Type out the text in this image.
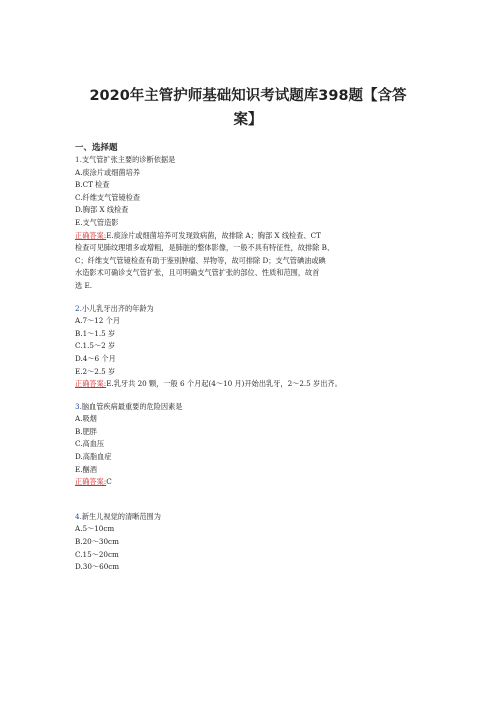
2020年主管护师基础知识考试题库398题【含答
案】
一、选择题
1.支气管扩张主要的诊断依据是
A.痰涂片或细菌培养
B.CT 检查
C.纤维支气管镜检查
D.胸部 X 线检查
E.支气管造影
正确答案:E.痰涂片或细菌培养可发现致病菌，故排除 A；胸部 X 线检查、CT
检查可见肺纹理增多或增粗，是肺脏的整体影像，一般不具有特征性，故排除 B、
C；纤维支气管镜检查有助于鉴别肿瘤、异物等，故可排除 D；支气管碘油或碘
水造影术可确诊支气管扩张，且可明确支气管扩张的部位、性质和范围，故首
选 E.
2.小儿乳牙出齐的年龄为
A.7～12 个月
B.1～1.5 岁
C.1.5～2 岁
D.4～6 个月
E.2～2.5 岁
正确答案:E.乳牙共 20 颗，一般 6 个月起(4～10 月)开始出乳牙，2～2.5 岁出齐。
3.脑血管疾病最重要的危险因素是
A.吸烟
B.肥胖
C.高血压
D.高脂血症
E.酗酒
正确答案:C
4.新生儿视觉的清晰范围为
A.5～10cm
B.20～30cm
C.15～20cm
D.30～60cm
